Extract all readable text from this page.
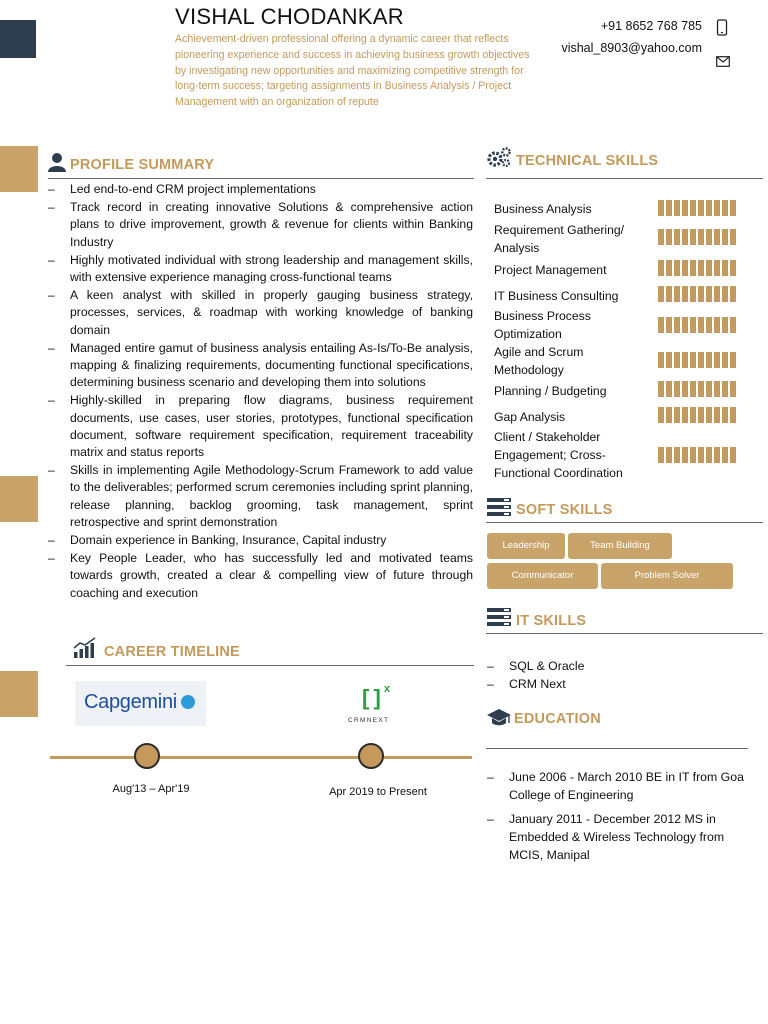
VISHAL CHODANKAR
Achievement-driven professional offering a dynamic career that reflects pioneering experience and success in achieving business growth objectives by investigating new opportunities and maximizing competitive strength for long-term success; targeting assignments in Business Analysis / Project Management with an organization of repute
+91 8652 768 785
vishal_8903@yahoo.com
PROFILE SUMMARY
– Led end-to-end CRM project implementations
– Track record in creating innovative Solutions & comprehensive action plans to drive improvement, growth & revenue for clients within Banking Industry
– Highly motivated individual with strong leadership and management skills, with extensive experience managing cross-functional teams
– A keen analyst with skilled in properly gauging business strategy, processes, services, & roadmap with working knowledge of banking domain
– Managed entire gamut of business analysis entailing As-Is/To-Be analysis, mapping & finalizing requirements, documenting functional specifications, determining business scenario and developing them into solutions
– Highly-skilled in preparing flow diagrams, business requirement documents, use cases, user stories, prototypes, functional specification document, software requirement specification, requirement traceability matrix and status reports
– Skills in implementing Agile Methodology-Scrum Framework to add value to the deliverables; performed scrum ceremonies including sprint planning, release planning, backlog grooming, task management, sprint retrospective and sprint demonstration
– Domain experience in Banking, Insurance, Capital industry
– Key People Leader, who has successfully led and motivated teams towards growth, created a clear & compelling view of future through coaching and execution
CAREER TIMELINE
Capgemini	[ ] x
CRMNEXT
Aug'13 – Apr'19	Apr 2019 to Present
TECHNICAL SKILLS
Business Analysis
Requirement Gathering/ Analysis
Project Management
IT Business Consulting
Business Process Optimization
Agile and Scrum Methodology
Planning / Budgeting
Gap Analysis
Client / Stakeholder Engagement; Cross-Functional Coordination
SOFT SKILLS
Leadership	Team Building
Communicator	Problem Solver
IT SKILLS
– SQL & Oracle
– CRM Next
EDUCATION
– June 2006 - March 2010 BE in IT from Goa College of Engineering
– January 2011 - December 2012 MS in Embedded & Wireless Technology from MCIS, Manipal
